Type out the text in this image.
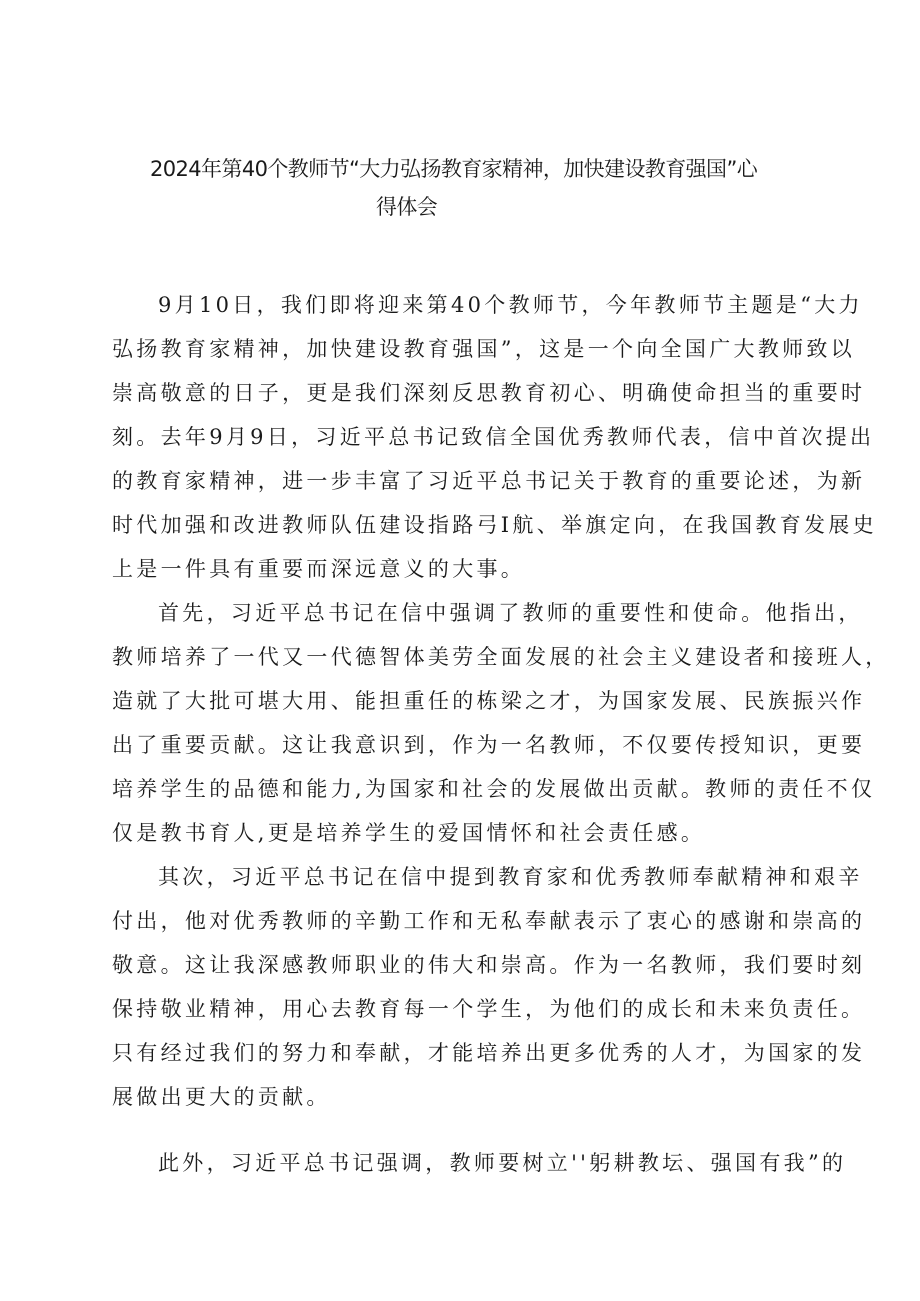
2024年第40个教师节“大力弘扬教育家精神，加快建设教育强国”心
得体会
9月10日，我们即将迎来第40个教师节，今年教师节主题是“大力
弘扬教育家精神，加快建设教育强国”，这是一个向全国广大教师致以
崇高敬意的日子，更是我们深刻反思教育初心、明确使命担当的重要时
刻。去年9月9日，习近平总书记致信全国优秀教师代表，信中首次提出
的教育家精神，进一步丰富了习近平总书记关于教育的重要论述，为新
时代加强和改进教师队伍建设指路弓I航、举旗定向，在我国教育发展史
上是一件具有重要而深远意义的大事。
首先，习近平总书记在信中强调了教师的重要性和使命。他指出，
教师培养了一代又一代德智体美劳全面发展的社会主义建设者和接班人，
造就了大批可堪大用、能担重任的栋梁之才，为国家发展、民族振兴作
出了重要贡献。这让我意识到，作为一名教师，不仅要传授知识，更要
培养学生的品德和能力,为国家和社会的发展做出贡献。教师的责任不仅
仅是教书育人,更是培养学生的爱国情怀和社会责任感。
其次，习近平总书记在信中提到教育家和优秀教师奉献精神和艰辛
付出，他对优秀教师的辛勤工作和无私奉献表示了衷心的感谢和崇高的
敬意。这让我深感教师职业的伟大和崇高。作为一名教师，我们要时刻
保持敬业精神，用心去教育每一个学生，为他们的成长和未来负责任。
只有经过我们的努力和奉献，才能培养出更多优秀的人才，为国家的发
展做出更大的贡献。
此外，习近平总书记强调，教师要树立''躬耕教坛、强国有我”的
